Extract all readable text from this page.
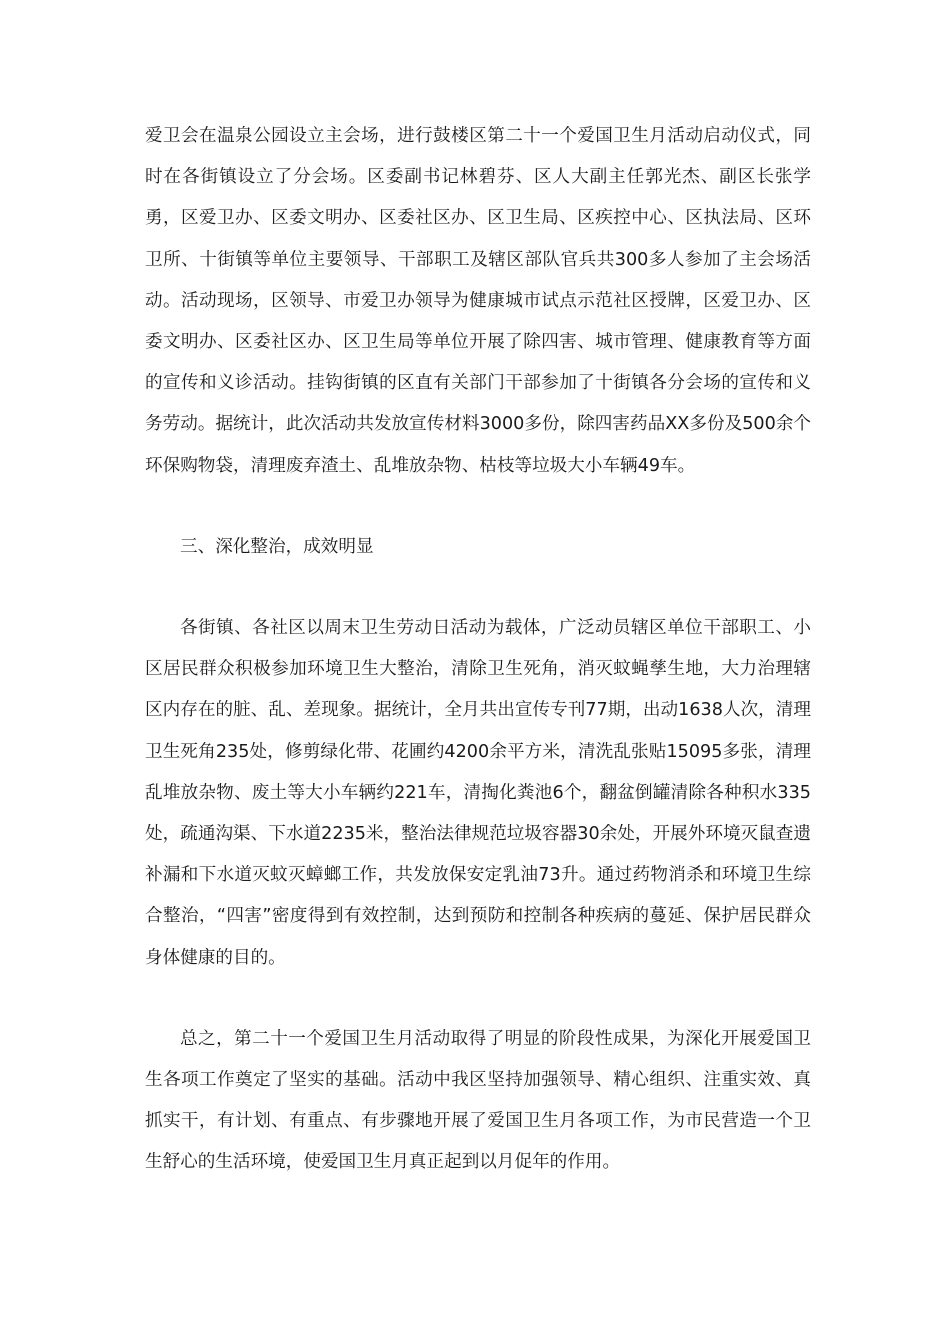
爱卫会在温泉公园设立主会场，进行鼓楼区第二十一个爱国卫生月活动启动仪式，同时在各街镇设立了分会场。区委副书记林碧芬、区人大副主任郭光杰、副区长张学勇，区爱卫办、区委文明办、区委社区办、区卫生局、区疾控中心、区执法局、区环卫所、十街镇等单位主要领导、干部职工及辖区部队官兵共300多人参加了主会场活动。活动现场，区领导、市爱卫办领导为健康城市试点示范社区授牌，区爱卫办、区委文明办、区委社区办、区卫生局等单位开展了除四害、城市管理、健康教育等方面的宣传和义诊活动。挂钩街镇的区直有关部门干部参加了十街镇各分会场的宣传和义务劳动。据统计，此次活动共发放宣传材料3000多份，除四害药品XX多份及500余个环保购物袋，清理废弃渣土、乱堆放杂物、枯枝等垃圾大小车辆49车。

三、深化整治，成效明显

各街镇、各社区以周末卫生劳动日活动为载体，广泛动员辖区单位干部职工、小区居民群众积极参加环境卫生大整治，清除卫生死角，消灭蚊蝇孳生地，大力治理辖区内存在的脏、乱、差现象。据统计，全月共出宣传专刊77期，出动1638人次，清理卫生死角235处，修剪绿化带、花圃约4200余平方米，清洗乱张贴15095多张，清理乱堆放杂物、废土等大小车辆约221车，清掏化粪池6个，翻盆倒罐清除各种积水335处，疏通沟渠、下水道2235米，整治法律规范垃圾容器30余处，开展外环境灭鼠查遗补漏和下水道灭蚊灭蟑螂工作，共发放保安定乳油73升。通过药物消杀和环境卫生综合整治，“四害”密度得到有效控制，达到预防和控制各种疾病的蔓延、保护居民群众身体健康的目的。

总之，第二十一个爱国卫生月活动取得了明显的阶段性成果，为深化开展爱国卫生各项工作奠定了坚实的基础。活动中我区坚持加强领导、精心组织、注重实效、真抓实干，有计划、有重点、有步骤地开展了爱国卫生月各项工作，为市民营造一个卫生舒心的生活环境，使爱国卫生月真正起到以月促年的作用。
